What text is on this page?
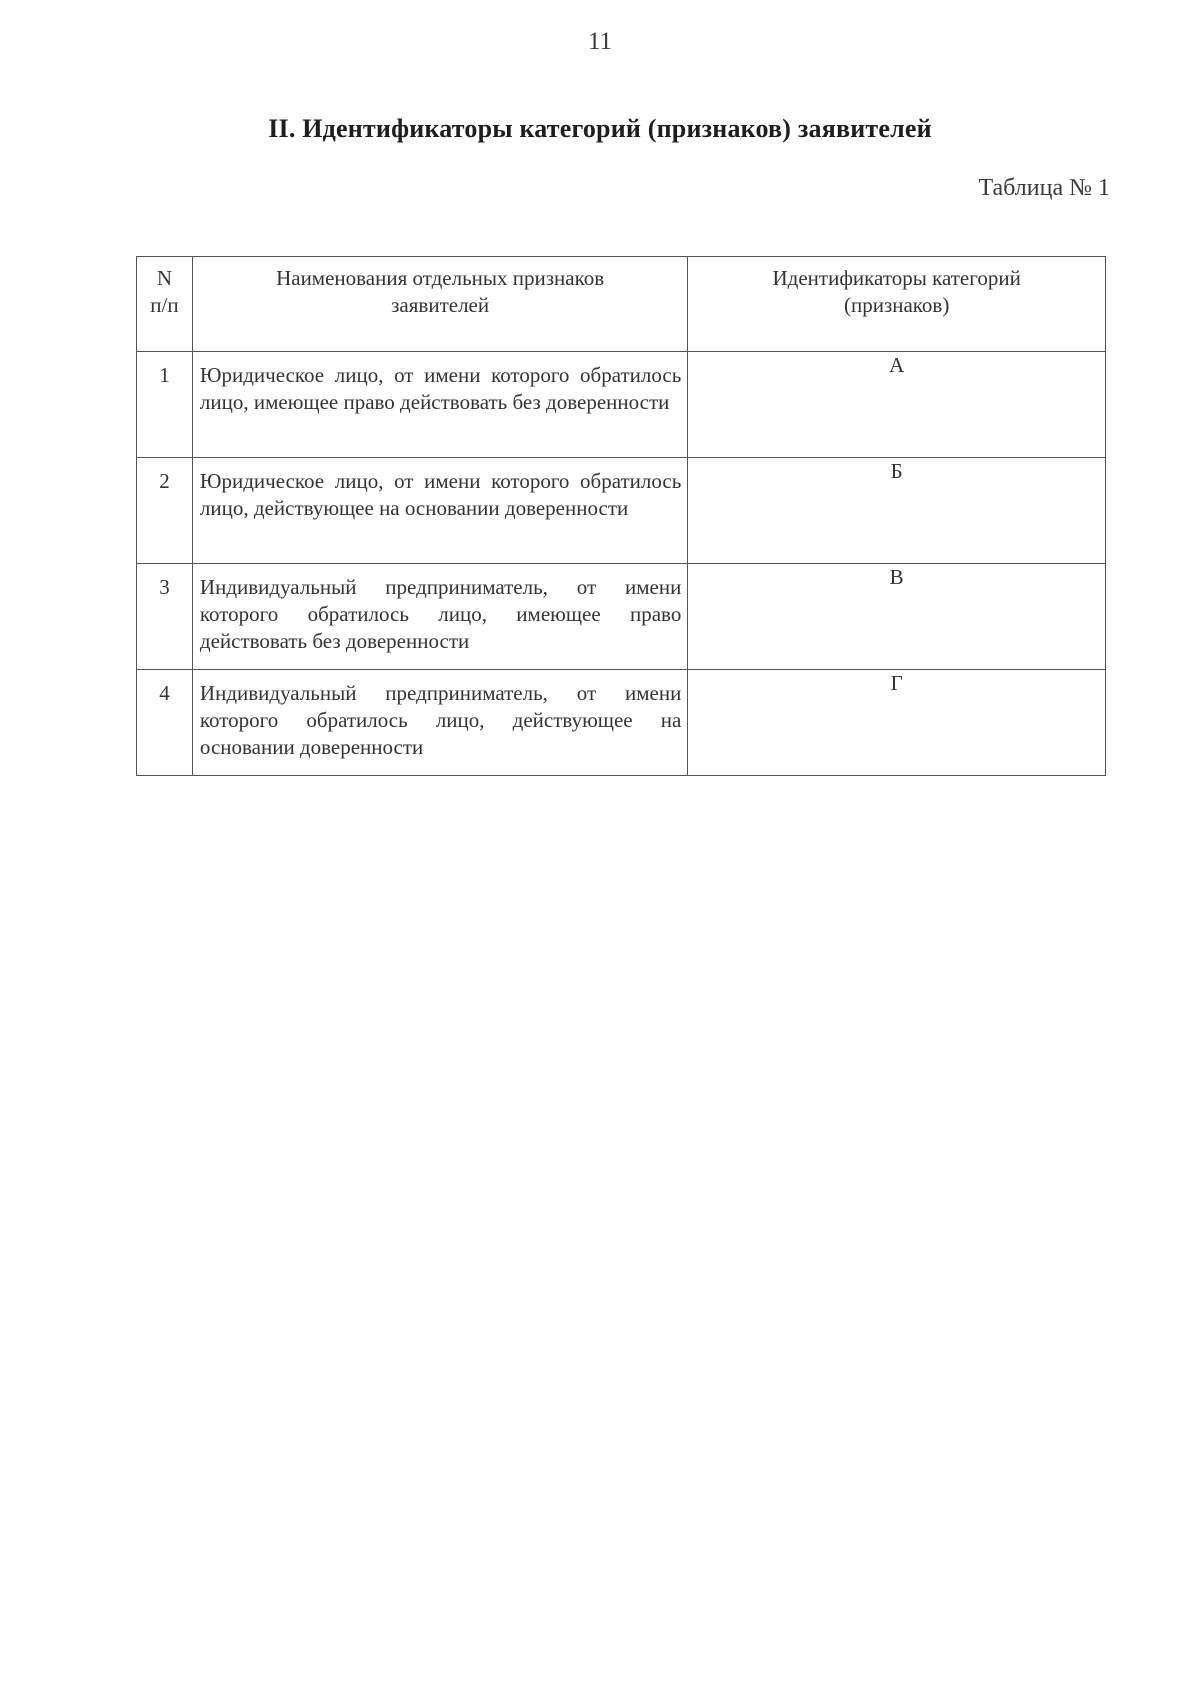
11
II. Идентификаторы категорий (признаков) заявителей
Таблица № 1
N
п/п	Наименования отдельных признаков заявителей	Идентификаторы категорий (признаков)
1	Юридическое лицо, от имени которого обратилось лицо, имеющее право действовать без доверенности	А
2	Юридическое лицо, от имени которого обратилось лицо, действующее на основании доверенности	Б
3	Индивидуальный предприниматель, от имени которого обратилось лицо, имеющее право действовать без доверенности	В
4	Индивидуальный предприниматель, от имени которого обратилось лицо, действующее на основании доверенности	Г
